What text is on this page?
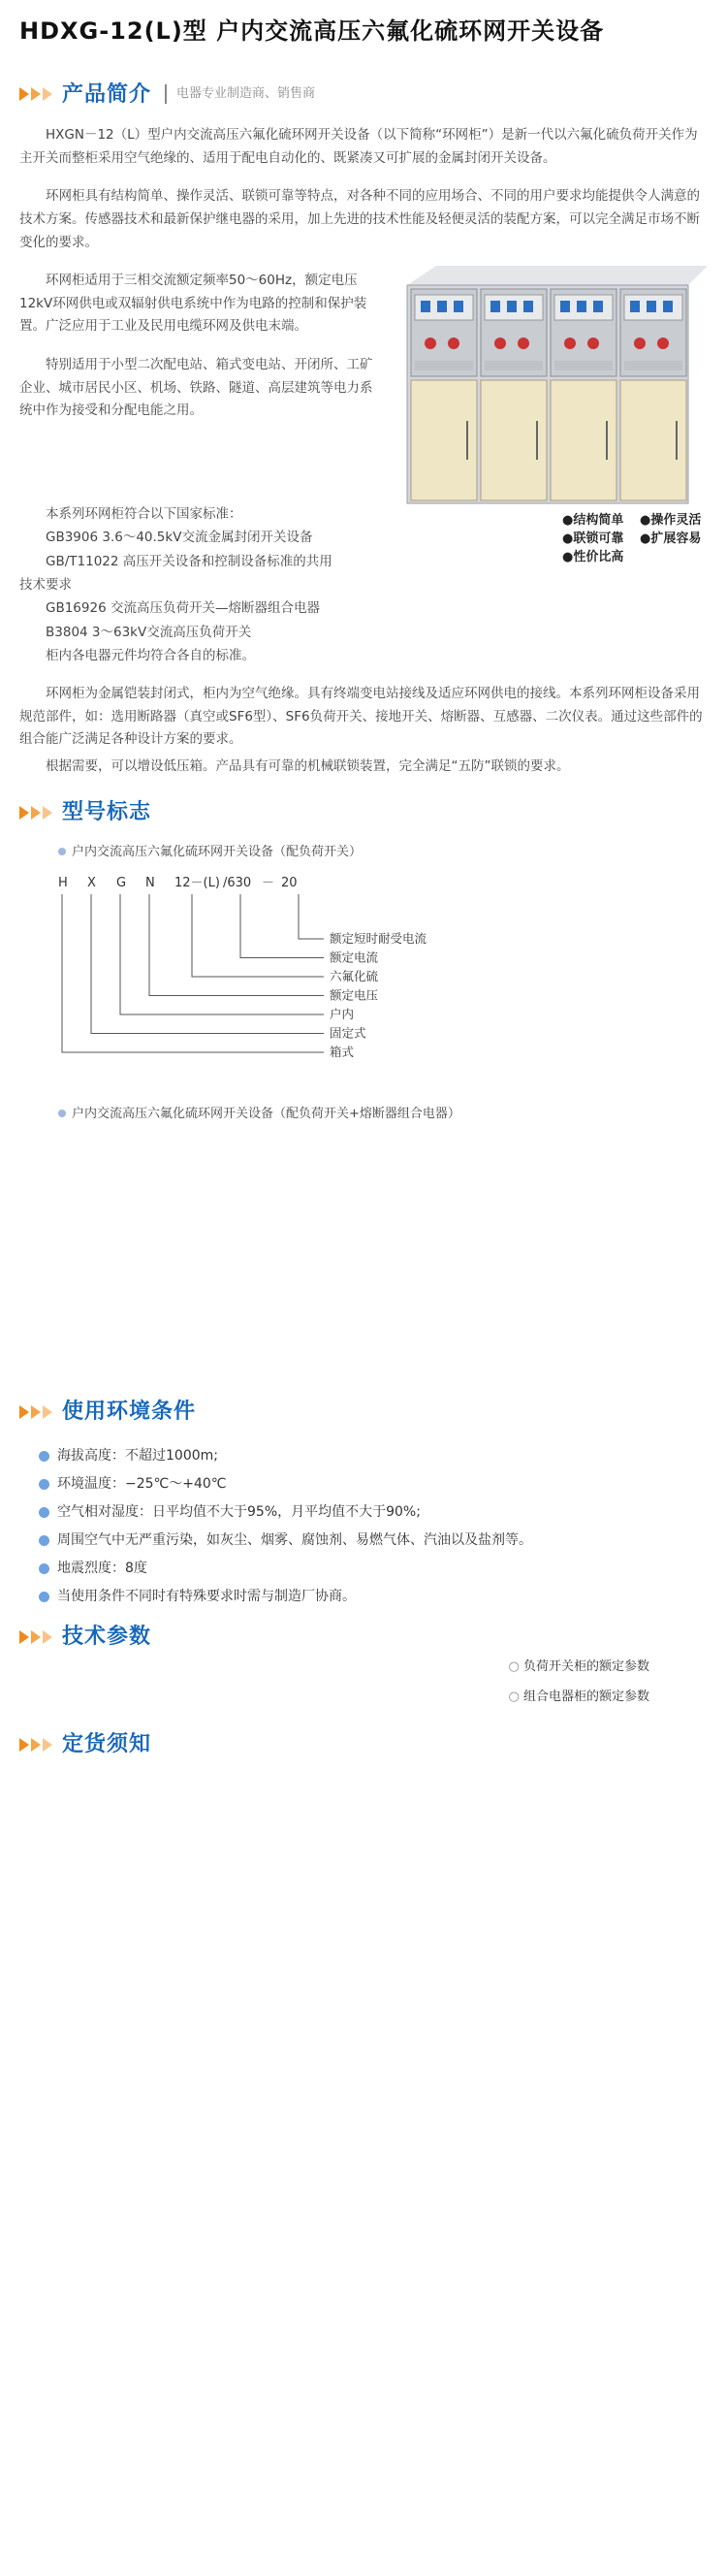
HDXG-12(L)型 户内交流高压六氟化硫环网开关设备
产品简介	电器专业制造商、销售商

HXGN－12（L）型户内交流高压六氟化硫环网开关设备（以下简称“环网柜”）是新一代以六氟化硫负荷开关作为主开关而整柜采用空气绝缘的、适用于配电自动化的、既紧凑又可扩展的金属封闭开关设备。

环网柜具有结构简单、操作灵活、联锁可靠等特点，对各种不同的应用场合、不同的用户要求均能提供令人满意的技术方案。传感器技术和最新保护继电器的采用，加上先进的技术性能及轻便灵活的装配方案，可以完全满足市场不断变化的要求。

环网柜适用于三相交流额定频率50～60Hz，额定电压12kV环网供电或双辐射供电系统中作为电路的控制和保护装置。广泛应用于工业及民用电缆环网及供电末端。

特别适用于小型二次配电站、箱式变电站、开闭所、工矿企业、城市居民小区、机场、铁路、隧道、高层建筑等电力系统中作为接受和分配电能之用。

●结构简单 ●操作灵活
●联锁可靠 ●扩展容易
●性价比高
本系列环网柜符合以下国家标准：
GB3906 3.6～40.5kV交流金属封闭开关设备
GB/T11022 高压开关设备和控制设备标准的共用
技术要求
GB16926 交流高压负荷开关—熔断器组合电器
B3804 3～63kV交流高压负荷开关
柜内各电器元件均符合各自的标准。

环网柜为金属铠装封闭式，柜内为空气绝缘。具有终端变电站接线及适应环网供电的接线。本系列环网柜设备采用规范部件，如：选用断路器（真空或SF6型）、SF6负荷开关、接地开关、熔断器、互感器、二次仪表。通过这些部件的组合能广泛满足各种设计方案的要求。

根据需要，可以增设低压箱。产品具有可靠的机械联锁装置，完全满足“五防”联锁的要求。

型号标志
户内交流高压六氟化硫环网开关设备（配负荷开关）
H X G N 12－(L) /630 － 20
额定短时耐受电流
额定电流
六氟化硫
额定电压
户内
固定式
箱式
户内交流高压六氟化硫环网开关设备（配负荷开关+熔断器组合电器）
使用环境条件
海拔高度：不超过1000m;
环境温度：−25℃～+40℃
空气相对湿度：日平均值不大于95%，月平均值不大于90%;
周围空气中无严重污染，如灰尘、烟雾、腐蚀剂、易燃气体、汽油以及盐剂等。
地震烈度：8度
当使用条件不同时有特殊要求时需与制造厂协商。
技术参数
○ 负荷开关柜的额定参数
○ 组合电器柜的额定参数
定货须知
